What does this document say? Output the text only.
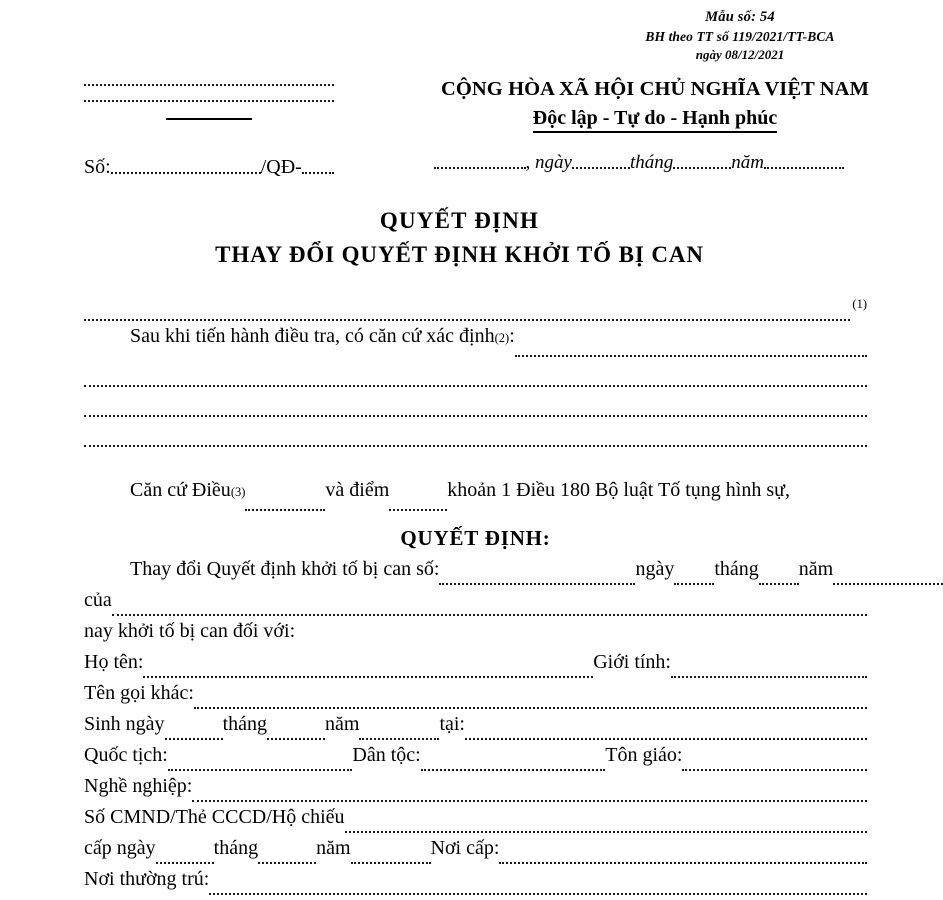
Mẫu số: 54
BH theo TT số 119/2021/TT-BCA
ngày 08/12/2021
Số:	/QĐ-
CỘNG HÒA XÃ HỘI CHỦ NGHĨA VIỆT NAM
Độc lập - Tự do - Hạnh phúc
, ngày	tháng	năm
QUYẾT ĐỊNH
THAY ĐỔI QUYẾT ĐỊNH KHỞI TỐ BỊ CAN
(1)
Sau khi tiến hành điều tra, có căn cứ xác định (2) :
Căn cứ Điều (3)	và điểm	khoản 1 Điều 180 Bộ luật Tố tụng hình sự,
QUYẾT ĐỊNH:
Thay đổi Quyết định khởi tố bị can số:	ngày tháng năm
của
nay khởi tố bị can đối với:
Họ tên:	Giới tính:
Tên gọi khác:
Sinh ngày	tháng	năm	tại:
Quốc tịch:	Dân tộc:	Tôn giáo:
Nghề nghiệp:
Số CMND/Thẻ CCCD/Hộ chiếu
cấp ngày	tháng	năm	Nơi cấp:
Nơi thường trú:
